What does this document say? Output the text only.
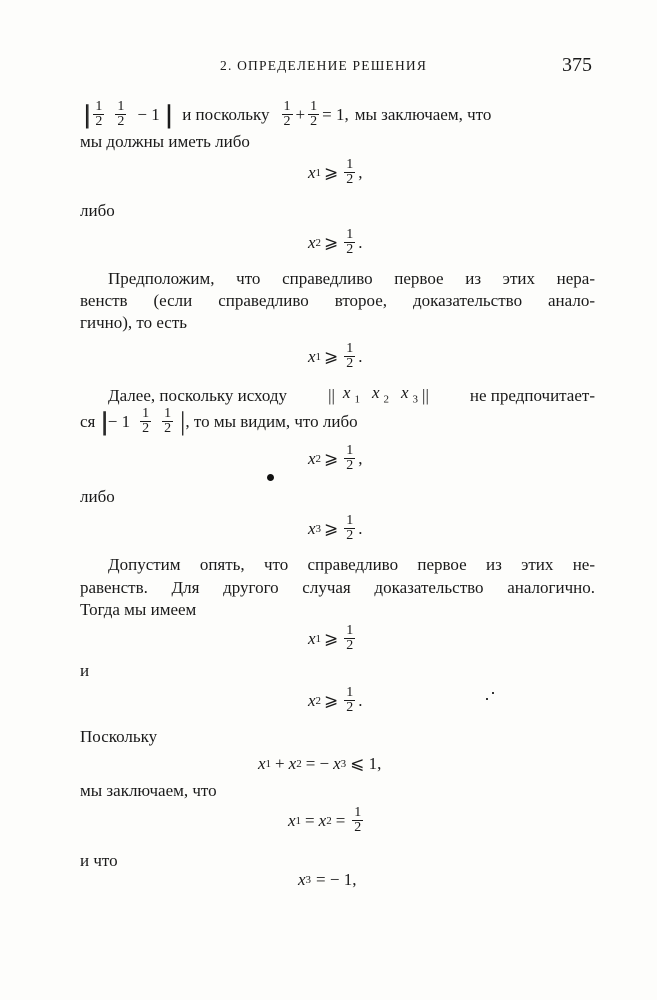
2. ОПРЕДЕЛЕНИЕ РЕШЕНИЯ	375
|| $\frac{1}{2} \frac{1}{2} - 1$ || и поскольку $\frac{1}{2} + \frac{1}{2} = 1$, мы заключаем, что
мы должны иметь либо
x 1 ⩾ $\frac{1}{2}$ ,
либо
x 2 ⩾ $\frac{1}{2}$ .
Предположим, что справедливо первое из этих нера-
венств (если справедливо второе, доказательство анало-
гично), то есть
x 1 ⩾ $\frac{1}{2}$ .
Далее, поскольку исходу || x $_1$ x $_2$ x $_3$ || не предпочитает-
ся || − $1 \frac{1}{2} \frac{1}{2}$ | , то мы видим, что либо
x 2 ⩾ $\frac{1}{2}$ ,
либо
x 3 ⩾ $\frac{1}{2}$ .
Допустим опять, что справедливо первое из этих не-
равенств. Для другого случая доказательство аналогично.
Тогда мы имеем
x 1 ⩾ $\frac{1}{2}$
и
x 2 ⩾ $\frac{1}{2}$ .
Поскольку
x 1 + x 2 = − x 3 ⩽ 1,
мы заключаем, что
x 1 = x $2 = \frac{1}{2}$
и что
x 3 = − 1,
